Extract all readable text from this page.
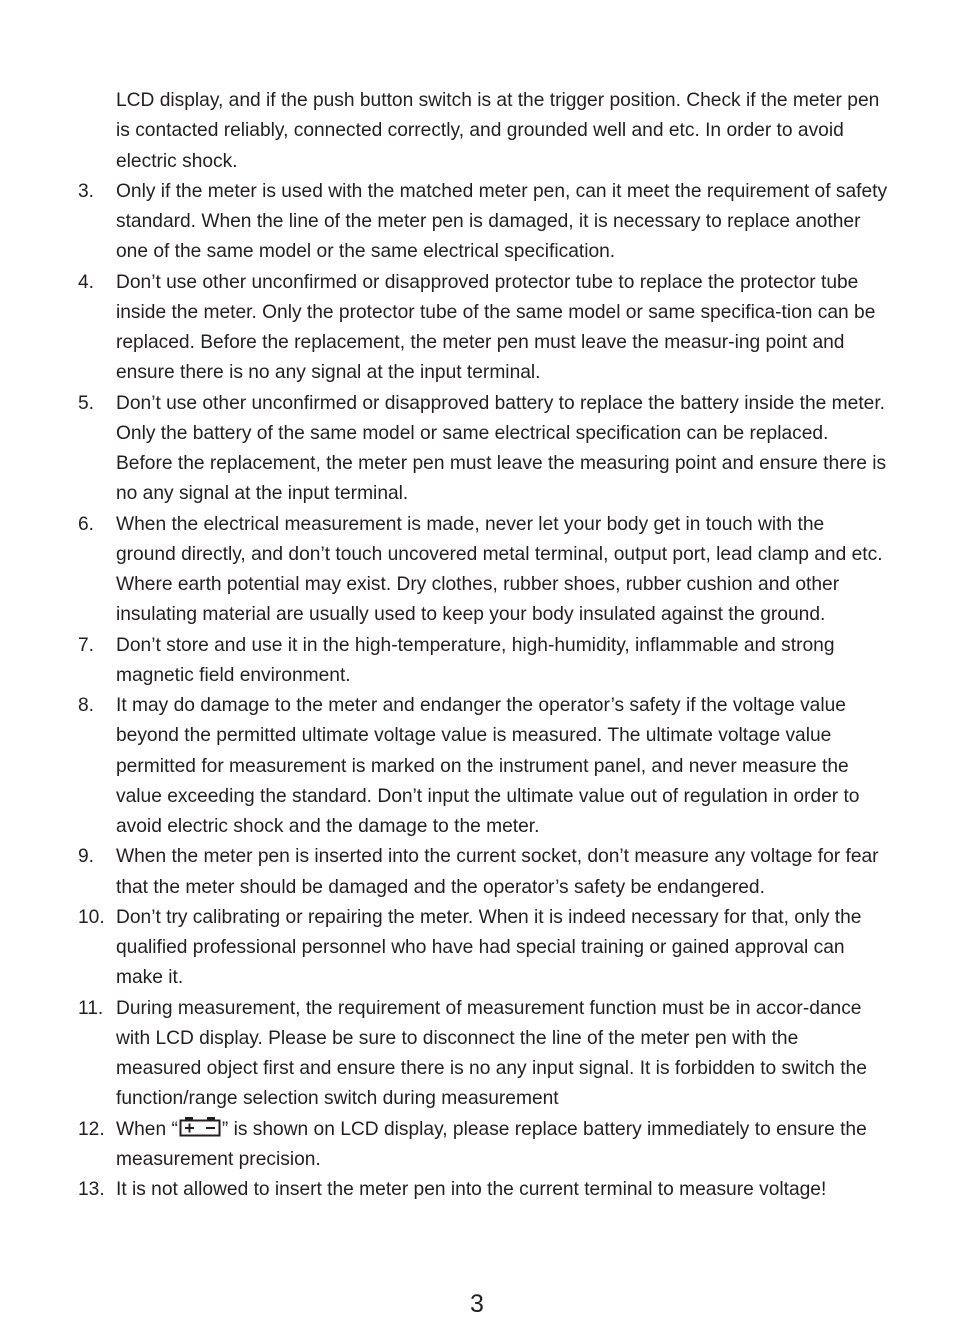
LCD display, and if the push button switch is at the trigger position. Check if the meter pen is contacted reliably, connected correctly, and grounded well and etc. In order to avoid electric shock.
3. Only if the meter is used with the matched meter pen, can it meet the requirement of safety standard. When the line of the meter pen is damaged, it is necessary to replace another one of the same model or the same electrical specification.
4. Don’t use other unconfirmed or disapproved protector tube to replace the protector tube inside the meter. Only the protector tube of the same model or same specifica-tion can be replaced. Before the replacement, the meter pen must leave the measur-ing point and ensure there is no any signal at the input terminal.
5. Don’t use other unconfirmed or disapproved battery to replace the battery inside the meter. Only the battery of the same model or same electrical specification can be replaced. Before the replacement, the meter pen must leave the measuring point and ensure there is no any signal at the input terminal.
6. When the electrical measurement is made, never let your body get in touch with the ground directly, and don’t touch uncovered metal terminal, output port, lead clamp and etc. Where earth potential may exist. Dry clothes, rubber shoes, rubber cushion and other insulating material are usually used to keep your body insulated against the ground.
7. Don’t store and use it in the high-temperature, high-humidity, inflammable and strong magnetic field environment.
8. It may do damage to the meter and endanger the operator’s safety if the voltage value beyond the permitted ultimate voltage value is measured. The ultimate voltage value permitted for measurement is marked on the instrument panel, and never measure the value exceeding the standard. Don’t input the ultimate value out of regulation in order to avoid electric shock and the damage to the meter.
9. When the meter pen is inserted into the current socket, don’t measure any voltage for fear that the meter should be damaged and the operator’s safety be endangered.
10. Don’t try calibrating or repairing the meter. When it is indeed necessary for that, only the qualified professional personnel who have had special training or gained approval can make it.
11. During measurement, the requirement of measurement function must be in accor-dance with LCD display. Please be sure to disconnect the line of the meter pen with the measured object first and ensure there is no any input signal. It is forbidden to switch the function/range selection switch during measurement
12. When “ ” is shown on LCD display, please replace battery immediately to ensure the measurement precision.
13. It is not allowed to insert the meter pen into the current terminal to measure voltage!
3
